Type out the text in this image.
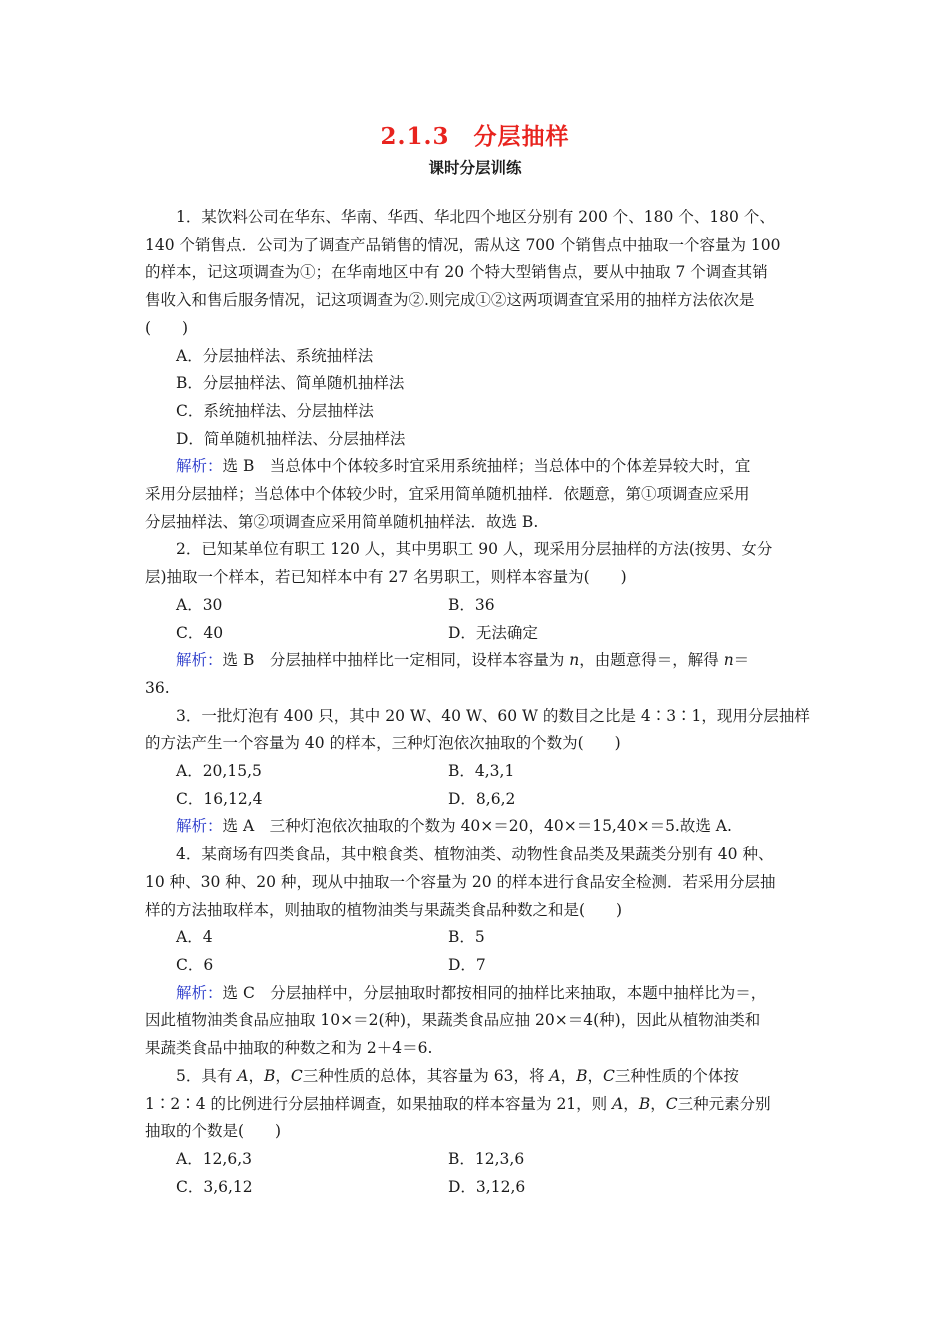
2.1.3　分层抽样
课时分层训练

1．某饮料公司在华东、华南、华西、华北四个地区分别有 200 个、180 个、180 个、

140 个销售点．公司为了调查产品销售的情况，需从这 700 个销售点中抽取一个容量为 100

的样本，记这项调查为①；在华南地区中有 20 个特大型销售点，要从中抽取 7 个调查其销

售收入和售后服务情况，记这项调查为②.则完成①②这两项调查宜采用的抽样方法依次是

(　　)

A．分层抽样法、系统抽样法

B．分层抽样法、简单随机抽样法

C．系统抽样法、分层抽样法

D．简单随机抽样法、分层抽样法

解析：选 B　当总体中个体较多时宜采用系统抽样；当总体中的个体差异较大时，宜

采用分层抽样；当总体中个体较少时，宜采用简单随机抽样．依题意，第①项调查应采用

分层抽样法、第②项调查应采用简单随机抽样法．故选 B.

2．已知某单位有职工 120 人，其中男职工 90 人，现采用分层抽样的方法(按男、女分

层)抽取一个样本，若已知样本中有 27 名男职工，则样本容量为(　　)

A．30	B．36
C．40	D．无法确定

解析：选 B　分层抽样中抽样比一定相同，设样本容量为 n，由题意得＝，解得 n＝

36.

3．一批灯泡有 400 只，其中 20 W、40 W、60 W 的数目之比是 4∶3∶1，现用分层抽样

的方法产生一个容量为 40 的样本，三种灯泡依次抽取的个数为(　　)

A．20,15,5	B．4,3,1
C．16,12,4	D．8,6,2

解析：选 A　三种灯泡依次抽取的个数为 40×＝20，40×＝15,40×＝5.故选 A.

4．某商场有四类食品，其中粮食类、植物油类、动物性食品类及果蔬类分别有 40 种、

10 种、30 种、20 种，现从中抽取一个容量为 20 的样本进行食品安全检测．若采用分层抽

样的方法抽取样本，则抽取的植物油类与果蔬类食品种数之和是(　　)

A．4	B．5
C．6	D．7

解析：选 C　分层抽样中，分层抽取时都按相同的抽样比来抽取，本题中抽样比为＝，

因此植物油类食品应抽取 10×＝2(种)，果蔬类食品应抽 20×＝4(种)，因此从植物油类和

果蔬类食品中抽取的种数之和为 2＋4＝6.

5．具有 A，B，C三种性质的总体，其容量为 63，将 A，B，C三种性质的个体按

1∶2∶4 的比例进行分层抽样调查，如果抽取的样本容量为 21，则 A，B，C三种元素分别

抽取的个数是(　　)

A．12,6,3	B．12,3,6
C．3,6,12	D．3,12,6
